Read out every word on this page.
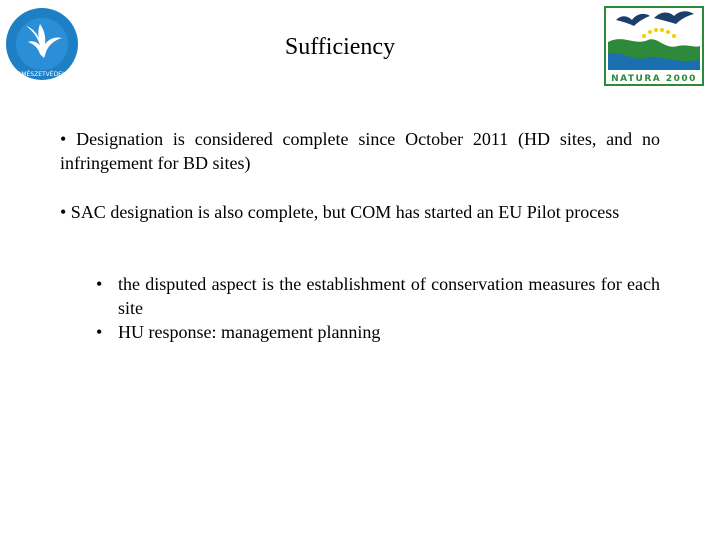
TERMÉSZETVÉDELEM	NATURA 2000
Sufficiency
• Designation is considered complete since October 2011 (HD sites, and no infringement for BD sites)
• SAC designation is also complete, but COM has started an EU Pilot process
• the disputed aspect is the establishment of conservation measures for each site
• HU response: management planning
